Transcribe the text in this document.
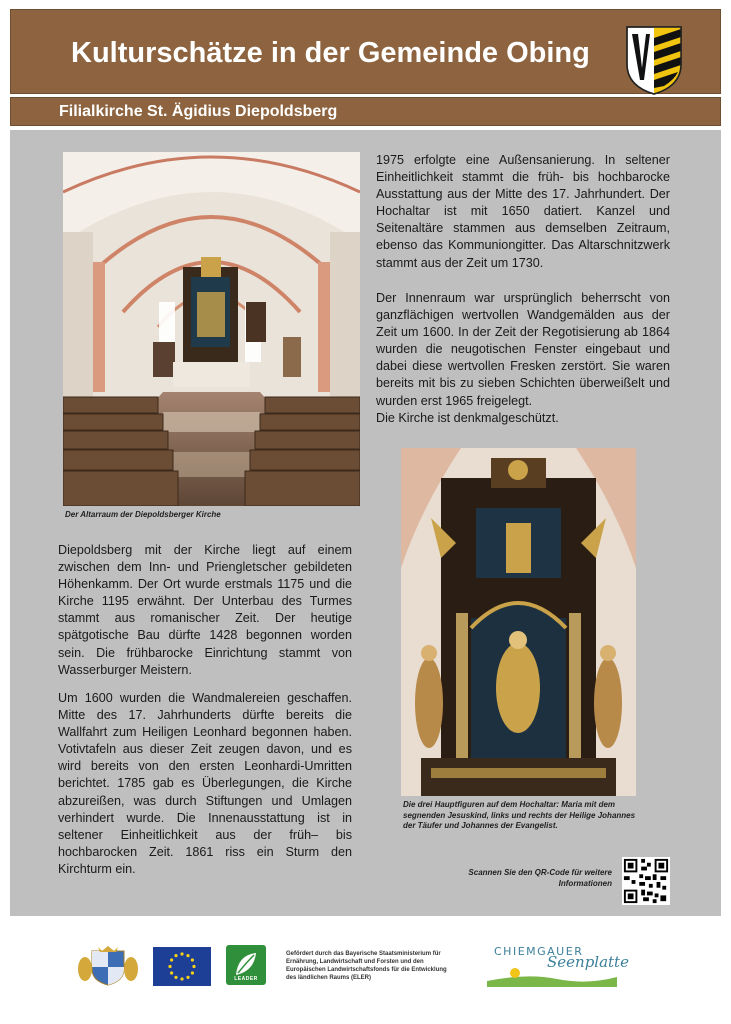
Kulturschätze in der Gemeinde Obing
Filialkirche St. Ägidius Diepoldsberg
Der Altarraum der Diepoldsberger Kirche
1975 erfolgte eine Außensanierung. In seltener Einheitlichkeit stammt die früh- bis hochbarocke Ausstattung aus der Mitte des 17. Jahrhundert. Der Hochaltar ist mit 1650 datiert. Kanzel und Seitenaltäre stammen aus demselben Zeitraum, ebenso das Kommuniongitter. Das Altarschnitzwerk stammt aus der Zeit um 1730.
Der Innenraum war ursprünglich beherrscht von ganzflächigen wertvollen Wandgemälden aus der Zeit um 1600. In der Zeit der Regotisierung ab 1864 wurden die neugotischen Fenster eingebaut und dabei diese wertvollen Fresken zerstört. Sie waren bereits mit bis zu sieben Schichten überweißelt und wurden erst 1965 freigelegt.
Die Kirche ist denkmalgeschützt.
Die drei Hauptfiguren auf dem Hochaltar: Maria mit dem segnenden Jesuskind, links und rechts der Heilige Johannes der Täufer und Johannes der Evangelist.
Diepoldsberg mit der Kirche liegt auf einem zwischen dem Inn- und Priengletscher gebildeten Höhenkamm. Der Ort wurde erstmals 1175 und die Kirche 1195 erwähnt. Der Unterbau des Turmes stammt aus romanischer Zeit. Der heutige spätgotische Bau dürfte 1428 begonnen worden sein. Die frühbarocke Einrichtung stammt von Wasserburger Meistern.
Um 1600 wurden die Wandmalereien geschaffen. Mitte des 17. Jahrhunderts dürfte bereits die Wallfahrt zum Heiligen Leonhard begonnen haben. Votivtafeln aus dieser Zeit zeugen davon, und es wird bereits von den ersten Leonhardi-Umritten berichtet. 1785 gab es Überlegungen, die Kirche abzureißen, was durch Stiftungen und Umlagen verhindert wurde. Die Innenausstattung ist in seltener Einheitlichkeit aus der früh– bis hochbarocken Zeit. 1861 riss ein Sturm den Kirchturm ein.	Scannen Sie den QR-Code für weitere Informationen
LEADER
Gefördert durch das Bayerische Staatsministerium für Ernährung, Landwirtschaft und Forsten und den Europäischen Landwirtschaftsfonds für die Entwicklung des ländlichen Raums (ELER)
CHIEMGAUER
Seenplatte
